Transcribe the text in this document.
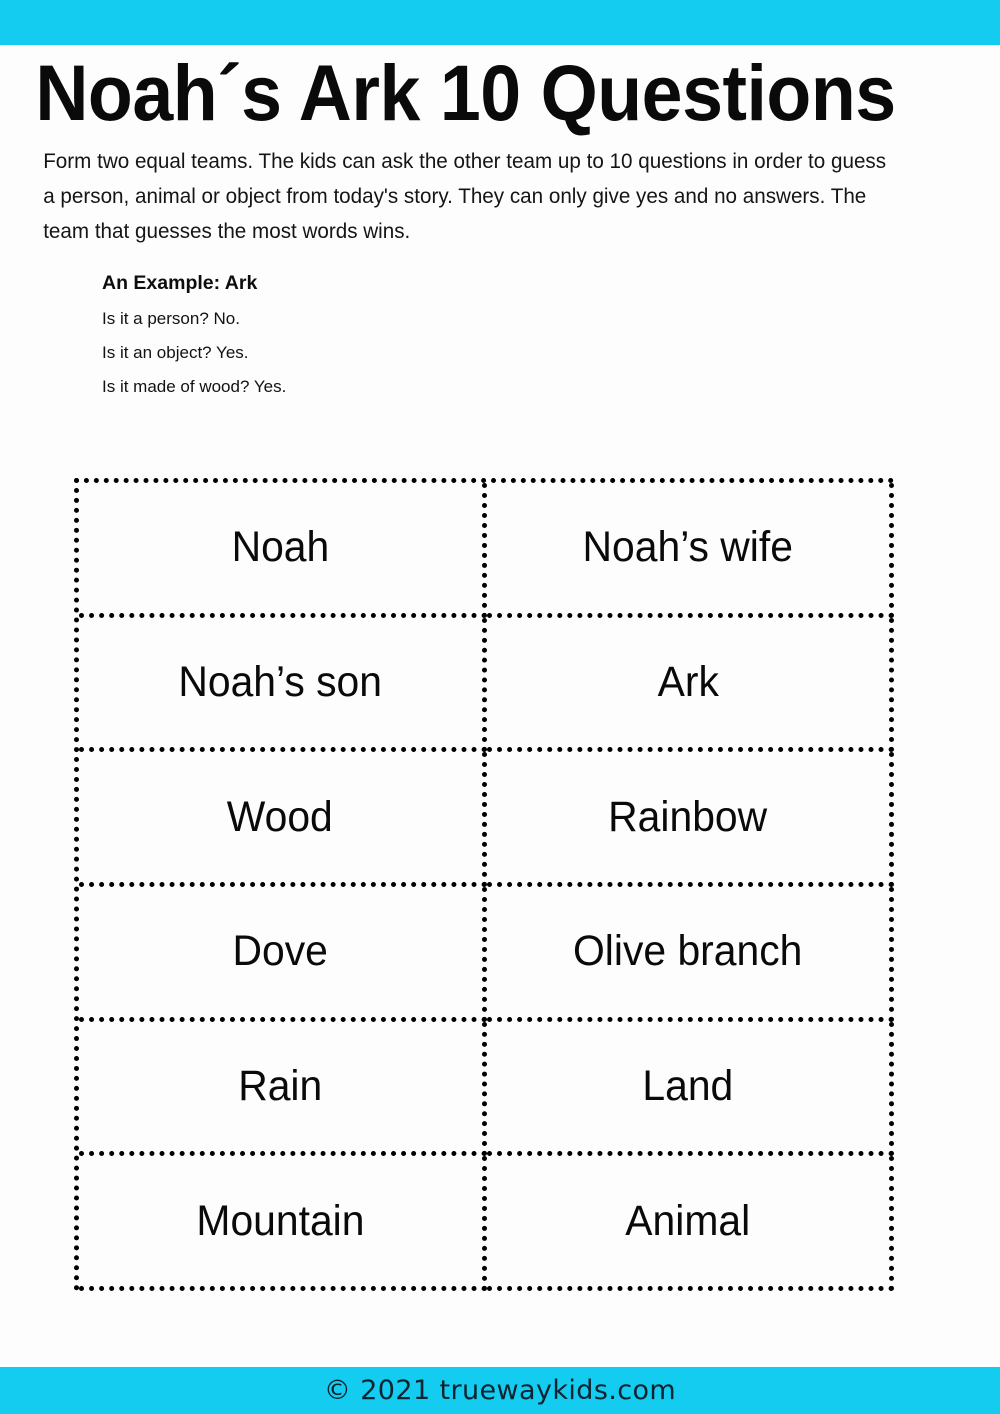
Noah´s Ark 10 Questions

Form two equal teams. The kids can ask the other team up to 10 questions in order to guess a person, animal or object from today's story. They can only give yes and no answers. The team that guesses the most words wins.

An Example: Ark

Is it a person? No.
Is it an object? Yes.
Is it made of wood? Yes.
Noah	Noah’s wife
Noah’s son	Ark
Wood	Rainbow
Dove	Olive branch
Rain	Land
Mountain	Animal
© 2021 truewaykids.com
